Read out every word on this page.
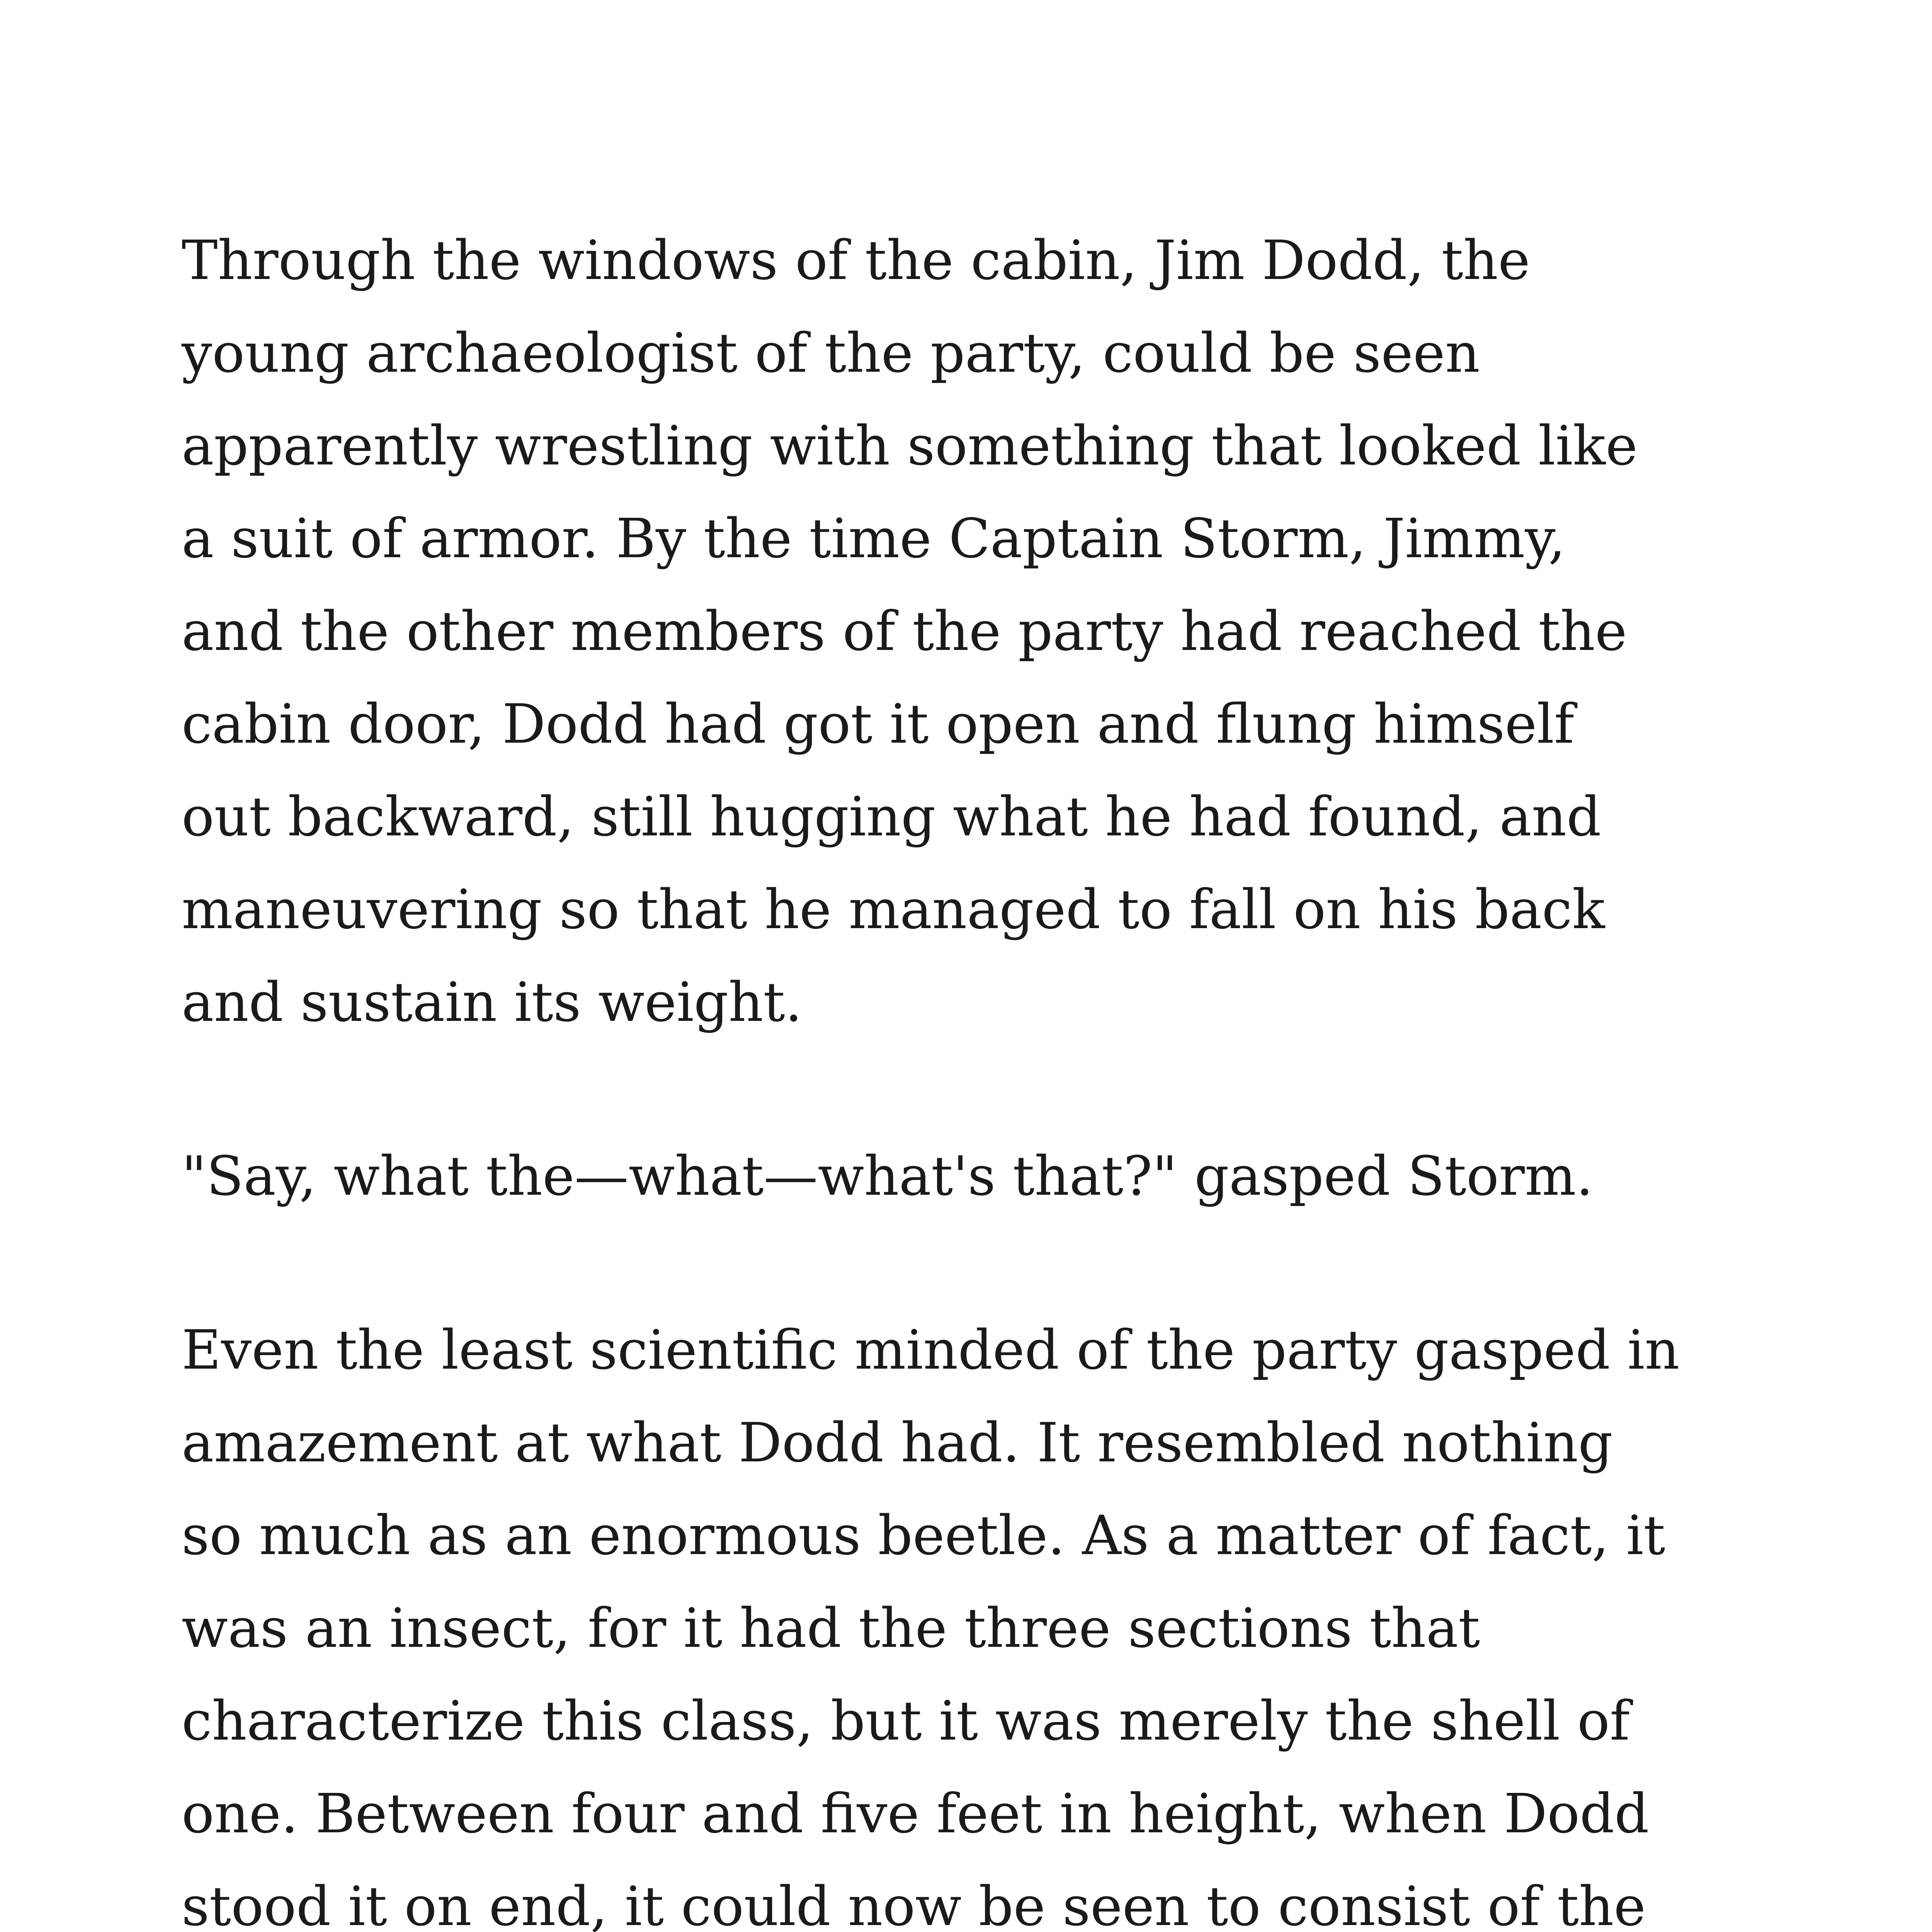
Through the windows of the cabin, Jim Dodd, the
young archaeologist of the party, could be seen
apparently wrestling with something that looked like
a suit of armor. By the time Captain Storm, Jimmy,
and the other members of the party had reached the
cabin door, Dodd had got it open and flung himself
out backward, still hugging what he had found, and
maneuvering so that he managed to fall on his back
and sustain its weight.

"Say, what the—what—what's that?" gasped Storm.

Even the least scientific minded of the party gasped in
amazement at what Dodd had. It resembled nothing
so much as an enormous beetle. As a matter of fact, it
was an insect, for it had the three sections that
characterize this class, but it was merely the shell of
one. Between four and five feet in height, when Dodd
stood it on end, it could now be seen to consist of the
